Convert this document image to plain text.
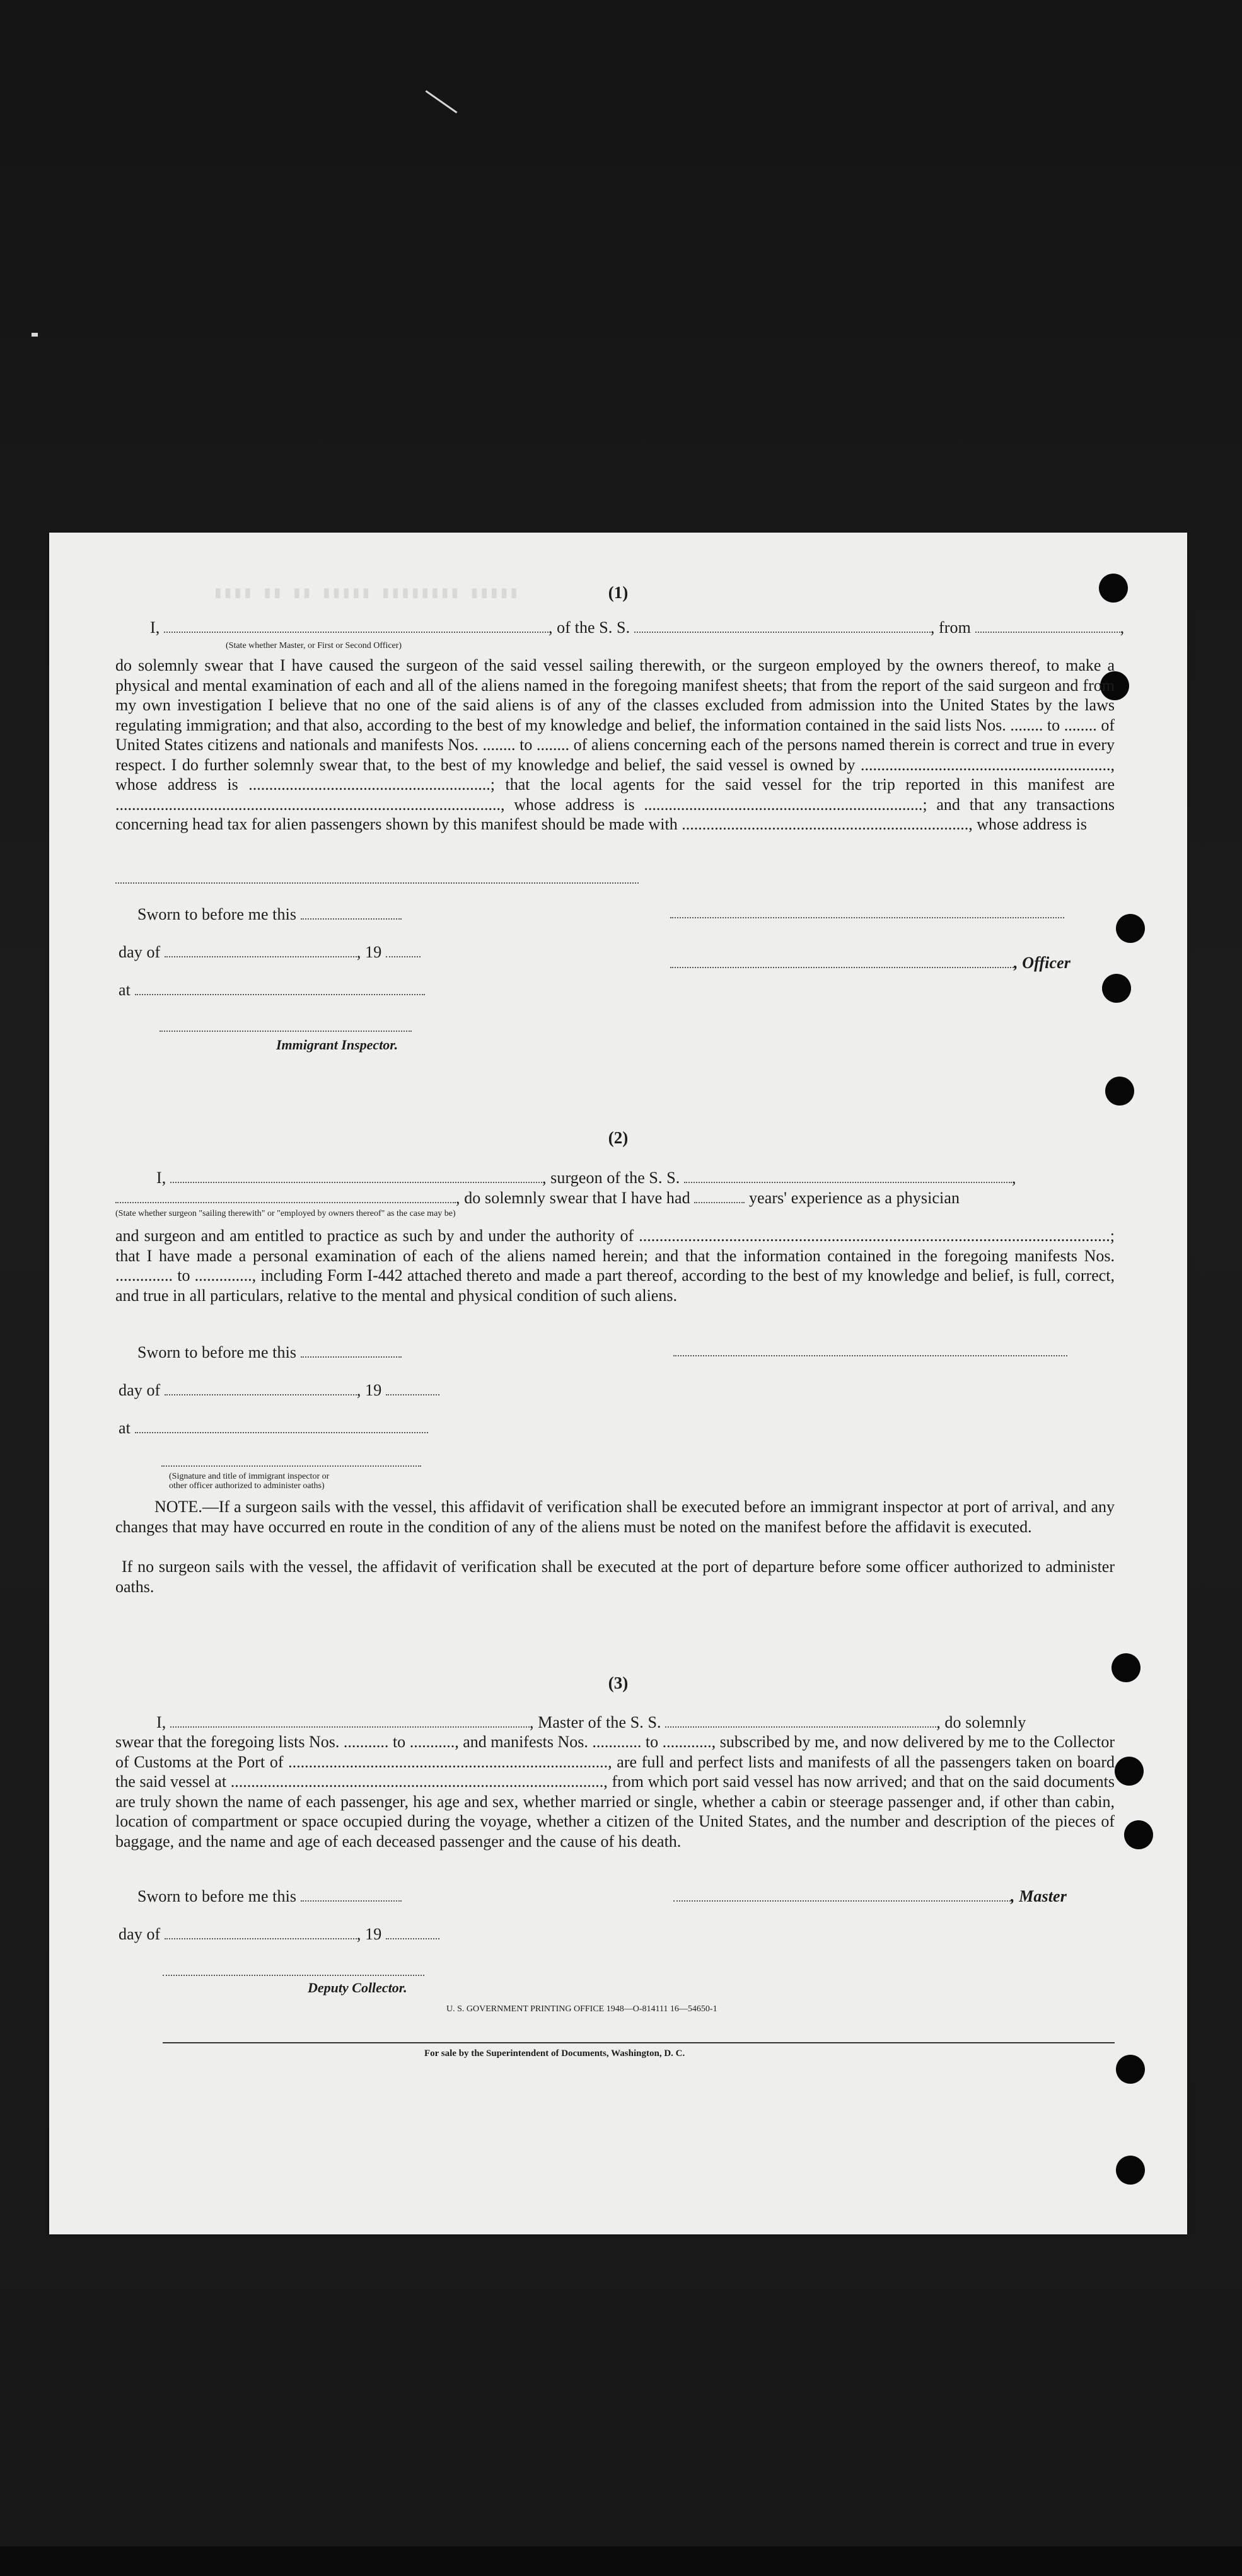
▮▮▮▮ ▮▮ ▮▮ ▮▮▮▮▮ ▮▮▮▮▮▮▮▮ ▮▮▮▮▮	(1)
I,	, of the S. S.	, from	,
(State whether Master, or First or Second Officer)
do solemnly swear that I have caused the surgeon of the said vessel sailing therewith, or the surgeon employed by the owners thereof, to make a physical and mental examination of each and all of the aliens named in the foregoing manifest sheets; that from the report of the said surgeon and from my own investigation I believe that no one of the said aliens is of any of the classes excluded from admission into the United States by the laws regulating immigration; and that also, according to the best of my knowledge and belief, the information contained in the said lists Nos. ........ to ........ of United States citizens and nationals and manifests Nos. ........ to ........ of aliens concerning each of the persons named therein is correct and true in every respect. I do further solemnly swear that, to the best of my knowledge and belief, the said vessel is owned by ............................................................., whose address is ...........................................................; that the local agents for the said vessel for the trip reported in this manifest are .............................................................................................., whose address is ....................................................................; and that any transactions concerning head tax for alien passengers shown by this manifest should be made with ......................................................................, whose address is
Sworn to before me this
day of	, 19
, Officer
at
Immigrant Inspector.
(2)
I,	, surgeon of the S. S.	,
, do solemnly swear that I have had	years' experience as a physician
(State whether surgeon "sailing therewith" or "employed by owners thereof" as the case may be)
and surgeon and am entitled to practice as such by and under the authority of ...................................................................................................................; that I have made a personal examination of each of the aliens named herein; and that the information contained in the foregoing manifests Nos. .............. to .............., including Form I-442 attached thereto and made a part thereof, according to the best of my knowledge and belief, is full, correct, and true in all particulars, relative to the mental and physical condition of such aliens.
Sworn to before me this
day of	, 19
at
(Signature and title of immigrant inspector or
other officer authorized to administer oaths)
NOTE.—If a surgeon sails with the vessel, this affidavit of verification shall be executed before an immigrant inspector at port of arrival, and any changes that may have occurred en route in the condition of any of the aliens must be noted on the manifest before the affidavit is executed.
If no surgeon sails with the vessel, the affidavit of verification shall be executed at the port of departure before some officer authorized to administer oaths.
(3)
I,	, Master of the S. S.	, do solemnly
swear that the foregoing lists Nos. ........... to ..........., and manifests Nos. ............ to ............, subscribed by me, and now delivered by me to the Collector of Customs at the Port of .............................................................................., are full and perfect lists and manifests of all the passengers taken on board the said vessel at ..........................................................................................., from which port said vessel has now arrived; and that on the said documents are truly shown the name of each passenger, his age and sex, whether married or single, whether a cabin or steerage passenger and, if other than cabin, location of compartment or space occupied during the voyage, whether a citizen of the United States, and the number and description of the pieces of baggage, and the name and age of each deceased passenger and the cause of his death.
Sworn to before me this	, Master
day of	, 19
Deputy Collector.
U. S. GOVERNMENT PRINTING OFFICE 1948—O-814111 16—54650-1
For sale by the Superintendent of Documents, Washington, D. C.
